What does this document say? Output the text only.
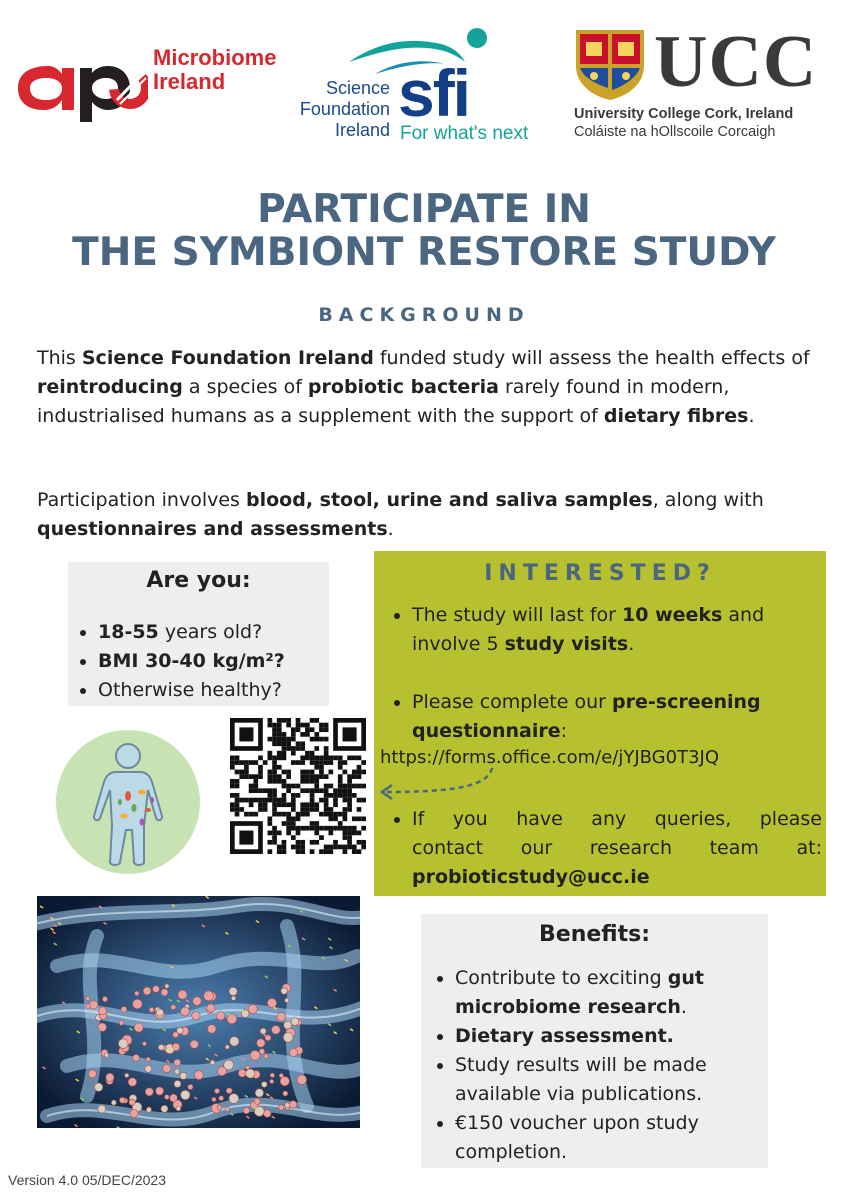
Microbiome
Ireland	Science
Foundation
Ireland sfi
For what's next
UCC
University College Cork, Ireland
Coláiste na hOllscoile Corcaigh
PARTICIPATE IN
THE SYMBIONT RESTORE STUDY
BACKGROUND
This Science Foundation Ireland funded study will assess the health effects of reintroducing a species of probiotic bacteria rarely found in modern, industrialised humans as a supplement with the support of dietary fibres.
Participation involves blood, stool, urine and saliva samples, along with questionnaires and assessments.
Are you:
18-55 years old?
BMI 30-40 kg/m²?
Otherwise healthy?
INTERESTED?
The study will last for 10 weeks and involve 5 study visits.
Please complete our pre-screening questionnaire:
https://forms.office.com/e/jYJBG0T3JQ
If you have any queries, please
contact our research team at:
probioticstudy@ucc.ie
Benefits:
Contribute to exciting gut microbiome research.
Dietary assessment.
Study results will be made available via publications.
€150 voucher upon study completion.
Version 4.0 05/DEC/2023
